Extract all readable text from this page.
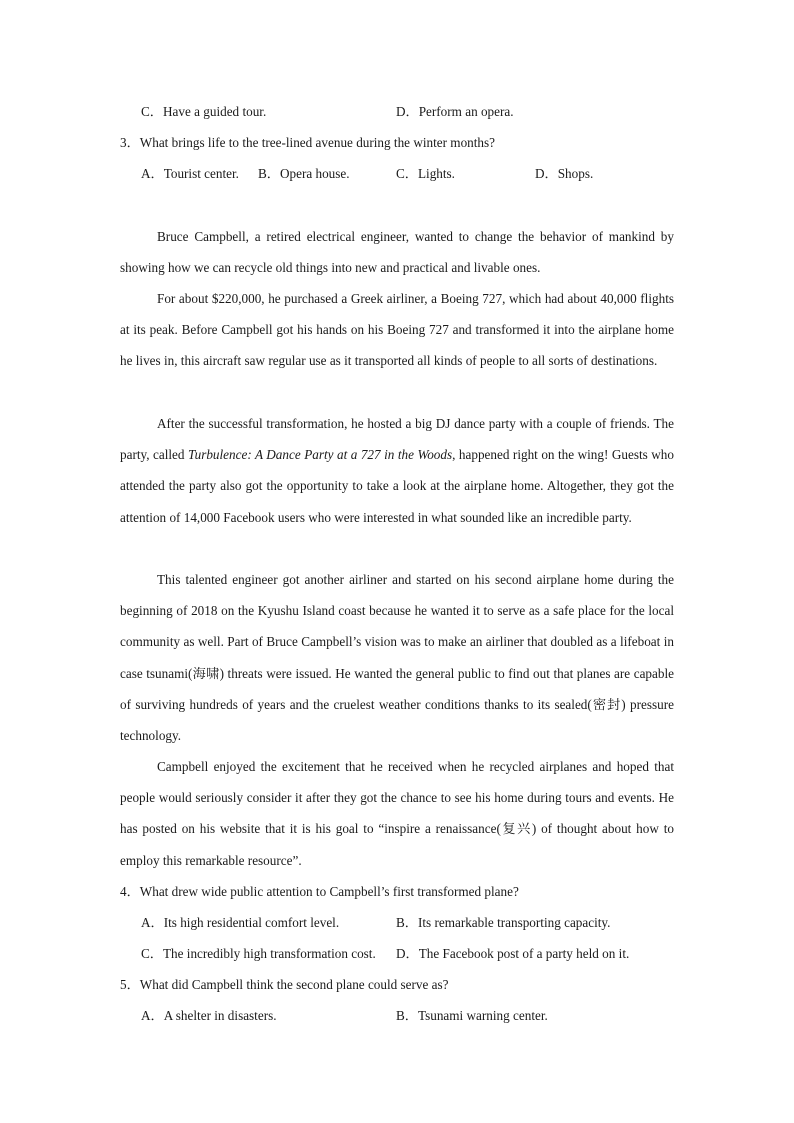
C．Have a guided tour.	D．Perform an opera.
3．What brings life to the tree-lined avenue during the winter months?
A．Tourist center. B．Opera house.	C．Lights.	D．Shops.

Bruce Campbell, a retired electrical engineer, wanted to change the behavior of mankind by showing how we can recycle old things into new and practical and livable ones.

For about $220,000, he purchased a Greek airliner, a Boeing 727, which had about 40,000 flights at its peak. Before Campbell got his hands on his Boeing 727 and transformed it into the airplane home he lives in, this aircraft saw regular use as it transported all kinds of people to all sorts of destinations.

After the successful transformation, he hosted a big DJ dance party with a couple of friends. The party, called Turbulence: A Dance Party at a 727 in the Woods, happened right on the wing! Guests who attended the party also got the opportunity to take a look at the airplane home. Altogether, they got the attention of 14,000 Facebook users who were interested in what sounded like an incredible party.

This talented engineer got another airliner and started on his second airplane home during the beginning of 2018 on the Kyushu Island coast because he wanted it to serve as a safe place for the local community as well. Part of Bruce Campbell’s vision was to make an airliner that doubled as a lifeboat in case tsunami(海啸) threats were issued. He wanted the general public to find out that planes are capable of surviving hundreds of years and the cruelest weather conditions thanks to its sealed(密封) pressure technology.

Campbell enjoyed the excitement that he received when he recycled airplanes and hoped that people would seriously consider it after they got the chance to see his home during tours and events. He has posted on his website that it is his goal to “inspire a renaissance(复兴) of thought about how to employ this remarkable resource”.

4．What drew wide public attention to Campbell’s first transformed plane?
A．Its high residential comfort level.	B．Its remarkable transporting capacity.
C．The incredibly high transformation cost. D．The Facebook post of a party held on it.
5．What did Campbell think the second plane could serve as?
A．A shelter in disasters.	B．Tsunami warning center.
